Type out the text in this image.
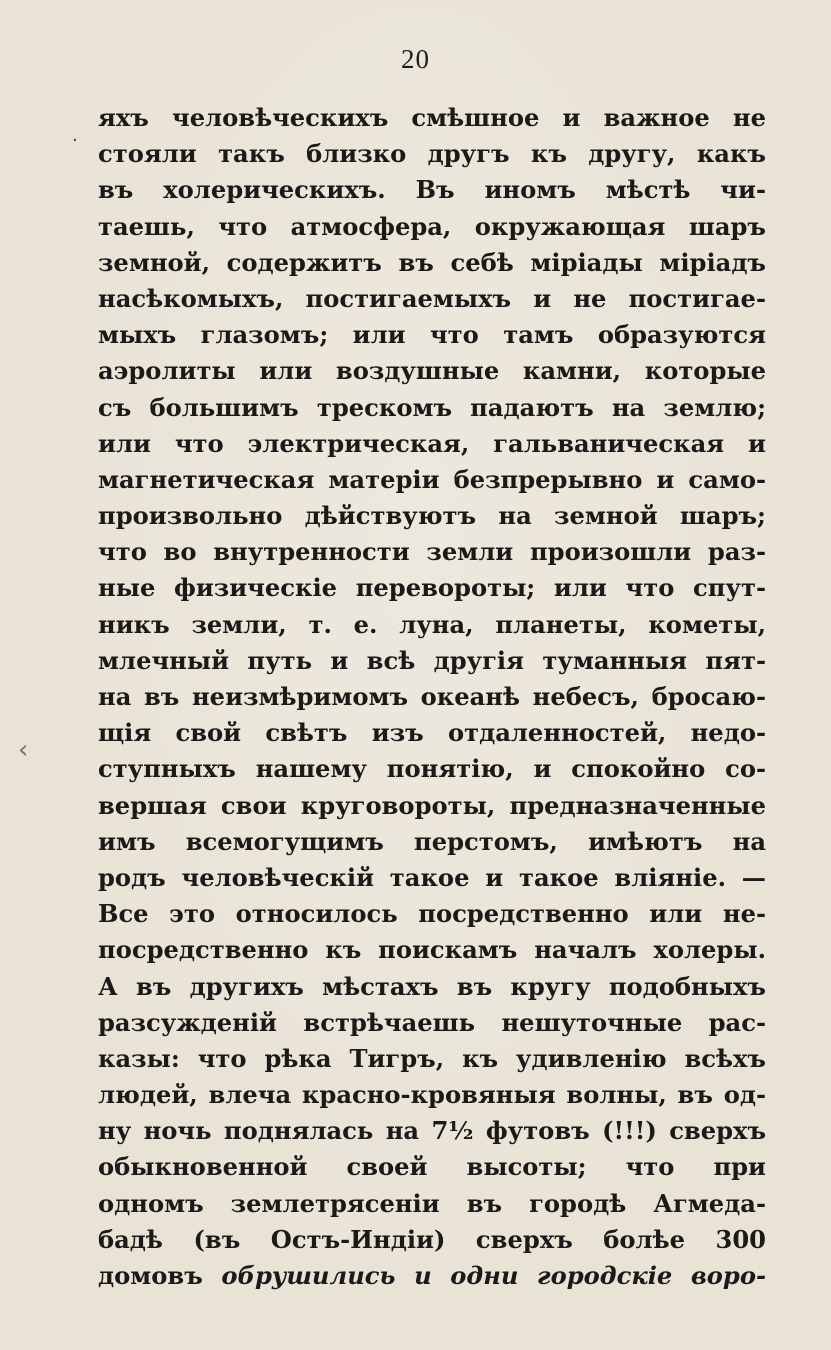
20
яхъ человѣческихъ смѣшное и важное не
стояли такъ близко другъ къ другу, какъ
въ холерическихъ. Въ иномъ мѣстѣ чи-
таешь, что атмосфера, окружающая шаръ
земной, содержитъ въ себѣ міріады міріадъ
насѣкомыхъ, постигаемыхъ и не постигае-
мыхъ глазомъ; или что тамъ образуются
аэролиты или воздушные камни, которые
съ большимъ трескомъ падаютъ на землю;
или что электрическая, гальваническая и
магнетическая матеріи безпрерывно и само-
произвольно дѣйствуютъ на земной шаръ;
что во внутренности земли произошли раз-
ные физическіе перевороты; или что спут-
никъ земли, т. е. луна, планеты, кометы,
млечный путь и всѣ другія туманныя пят-
на въ неизмѣримомъ океанѣ небесъ, бросаю-
щія свой свѣтъ изъ отдаленностей, недо-
ступныхъ нашему понятію, и спокойно со-
вершая свои круговороты, предназначенные
имъ всемогущимъ перстомъ, имѣютъ на
родъ человѣческій такое и такое вліяніе. —
Все это относилось посредственно или не-
посредственно къ поискамъ началъ холеры.
А въ другихъ мѣстахъ въ кругу подобныхъ
разсужденій встрѣчаешь нешуточные рас-
казы: что рѣка Тигръ, къ удивленію всѣхъ
людей, влеча красно-кровяныя волны, въ од-
ну ночь поднялась на 7½ футовъ (!!!) сверхъ
обыкновенной своей высоты; что при
одномъ землетрясеніи въ городѣ Агмеда-
бадѣ (въ Остъ-Индіи) сверхъ болѣе 300
домовъ обрушились и одни городскіе воро-
‹
·
